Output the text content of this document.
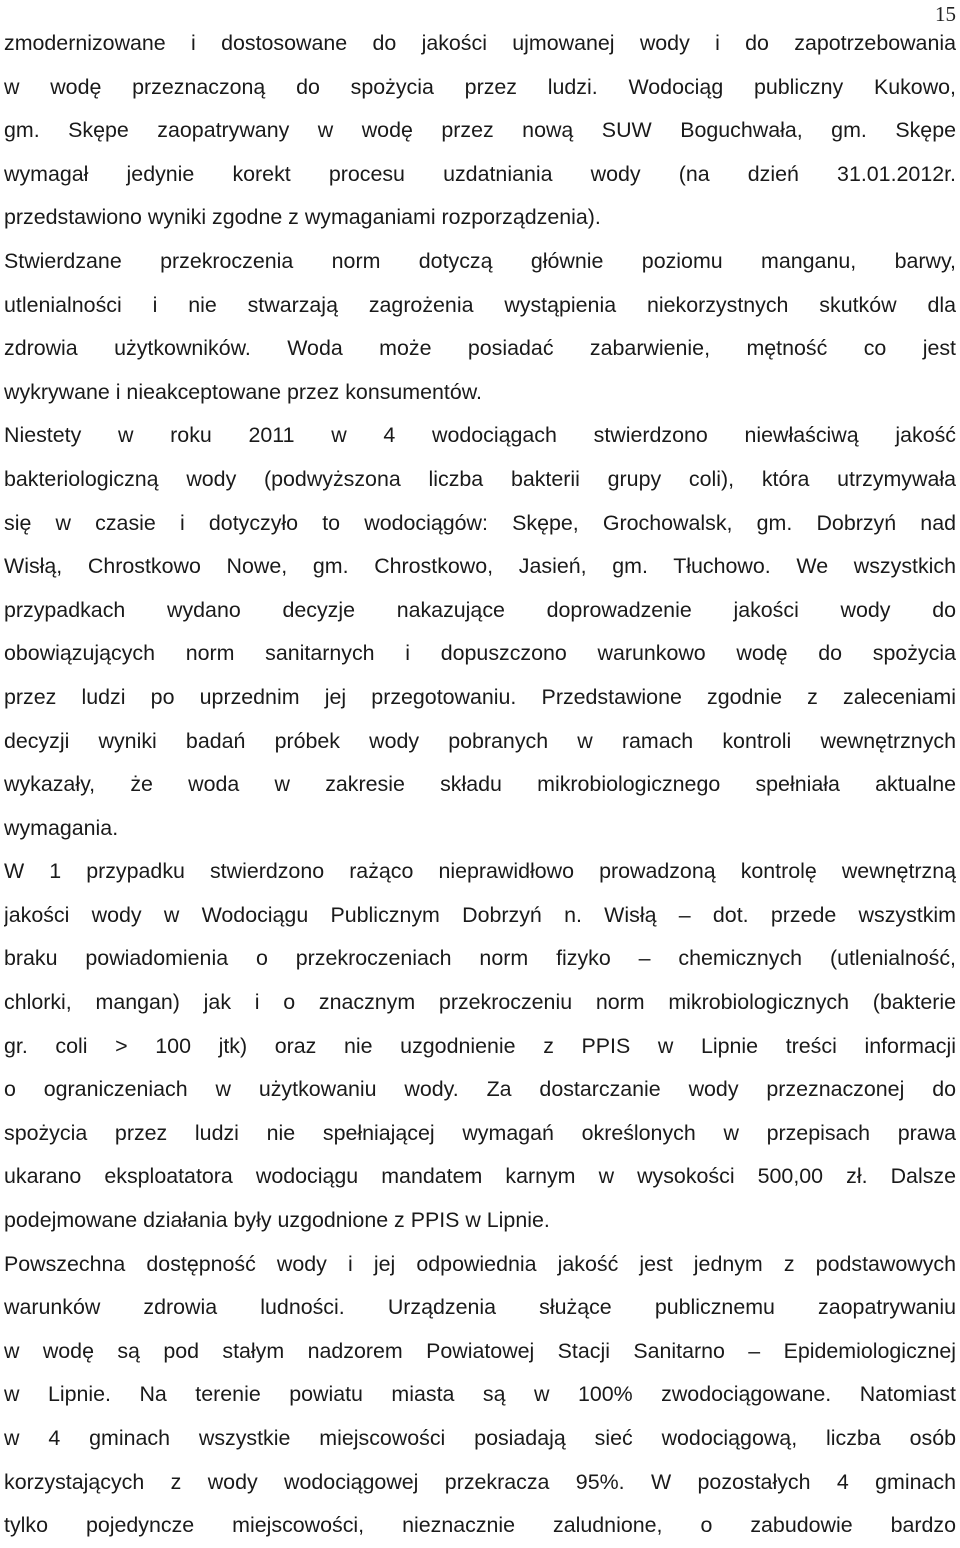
15
zmodernizowane i dostosowane do jakości ujmowanej wody i do zapotrzebowania
w wodę przeznaczoną do spożycia przez ludzi. Wodociąg publiczny Kukowo,
gm. Skępe zaopatrywany w wodę przez nową SUW Boguchwała, gm. Skępe
wymagał jedynie korekt procesu uzdatniania wody (na dzień 31.01.2012r.
przedstawiono wyniki zgodne z wymaganiami rozporządzenia).
Stwierdzane przekroczenia norm dotyczą głównie poziomu manganu, barwy,
utlenialności i nie stwarzają zagrożenia wystąpienia niekorzystnych skutków dla
zdrowia użytkowników. Woda może posiadać zabarwienie, mętność co jest
wykrywane i nieakceptowane przez konsumentów.
Niestety w roku 2011 w 4 wodociągach stwierdzono niewłaściwą jakość
bakteriologiczną wody (podwyższona liczba bakterii grupy coli), która utrzymywała
się w czasie i dotyczyło to wodociągów: Skępe, Grochowalsk, gm. Dobrzyń nad
Wisłą, Chrostkowo Nowe, gm. Chrostkowo, Jasień, gm. Tłuchowo. We wszystkich
przypadkach wydano decyzje nakazujące doprowadzenie jakości wody do
obowiązujących norm sanitarnych i dopuszczono warunkowo wodę do spożycia
przez ludzi po uprzednim jej przegotowaniu. Przedstawione zgodnie z zaleceniami
decyzji wyniki badań próbek wody pobranych w ramach kontroli wewnętrznych
wykazały, że woda w zakresie składu mikrobiologicznego spełniała aktualne
wymagania.
W 1 przypadku stwierdzono rażąco nieprawidłowo prowadzoną kontrolę wewnętrzną
jakości wody w Wodociągu Publicznym Dobrzyń n. Wisłą – dot. przede wszystkim
braku powiadomienia o przekroczeniach norm fizyko – chemicznych (utlenialność,
chlorki, mangan) jak i o znacznym przekroczeniu norm mikrobiologicznych (bakterie
gr. coli > 100 jtk) oraz nie uzgodnienie z PPIS w Lipnie treści informacji
o ograniczeniach w użytkowaniu wody. Za dostarczanie wody przeznaczonej do
spożycia przez ludzi nie spełniającej wymagań określonych w przepisach prawa
ukarano eksploatatora wodociągu mandatem karnym w wysokości 500,00 zł. Dalsze
podejmowane działania były uzgodnione z PPIS w Lipnie.
Powszechna dostępność wody i jej odpowiednia jakość jest jednym z podstawowych
warunków zdrowia ludności. Urządzenia służące publicznemu zaopatrywaniu
w wodę są pod stałym nadzorem Powiatowej Stacji Sanitarno – Epidemiologicznej
w Lipnie. Na terenie powiatu miasta są w 100% zwodociągowane. Natomiast
w 4 gminach wszystkie miejscowości posiadają sieć wodociągową, liczba osób
korzystających z wody wodociągowej przekracza 95%. W pozostałych 4 gminach
tylko pojedyncze miejscowości, nieznacznie zaludnione, o zabudowie bardzo
